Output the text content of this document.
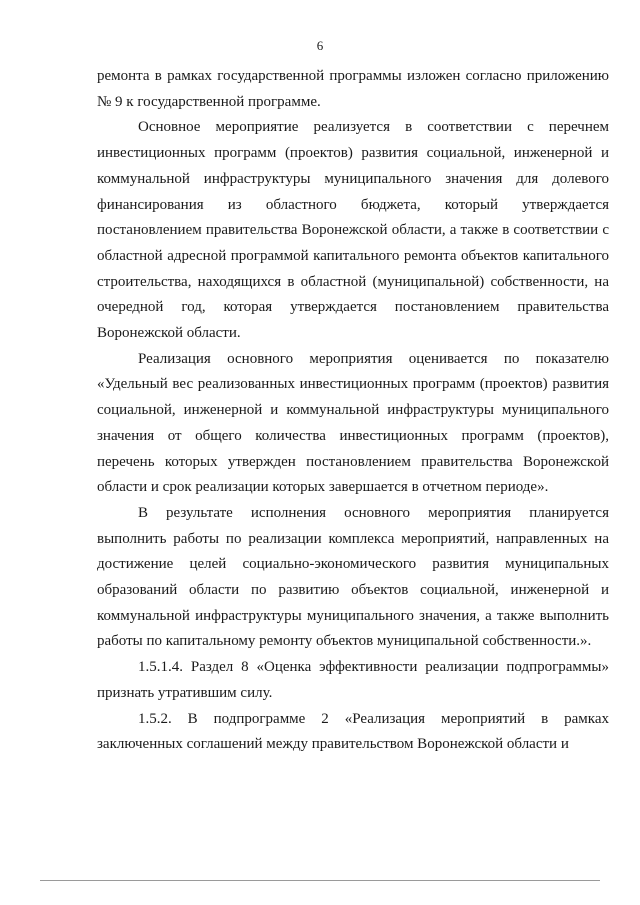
6

ремонта в рамках государственной программы изложен согласно приложению № 9 к государственной программе.

Основное мероприятие реализуется в соответствии с перечнем инвестиционных программ (проектов) развития социальной, инженерной и коммунальной инфраструктуры муниципального значения для долевого финансирования из областного бюджета, который утверждается постановлением правительства Воронежской области, а также в соответствии с областной адресной программой капитального ремонта объектов капитального строительства, находящихся в областной (муниципальной) собственности, на очередной год, которая утверждается постановлением правительства Воронежской области.

Реализация основного мероприятия оценивается по показателю «Удельный вес реализованных инвестиционных программ (проектов) развития социальной, инженерной и коммунальной инфраструктуры муниципального значения от общего количества инвестиционных программ (проектов), перечень которых утвержден постановлением правительства Воронежской области и срок реализации которых завершается в отчетном периоде».

В результате исполнения основного мероприятия планируется выполнить работы по реализации комплекса мероприятий, направленных на достижение целей социально-экономического развития муниципальных образований области по развитию объектов социальной, инженерной и коммунальной инфраструктуры муниципального значения, а также выполнить работы по капитальному ремонту объектов муниципальной собственности.».

1.5.1.4. Раздел 8 «Оценка эффективности реализации подпрограммы» признать утратившим силу.

1.5.2. В подпрограмме 2 «Реализация мероприятий в рамках заключенных соглашений между правительством Воронежской области и
